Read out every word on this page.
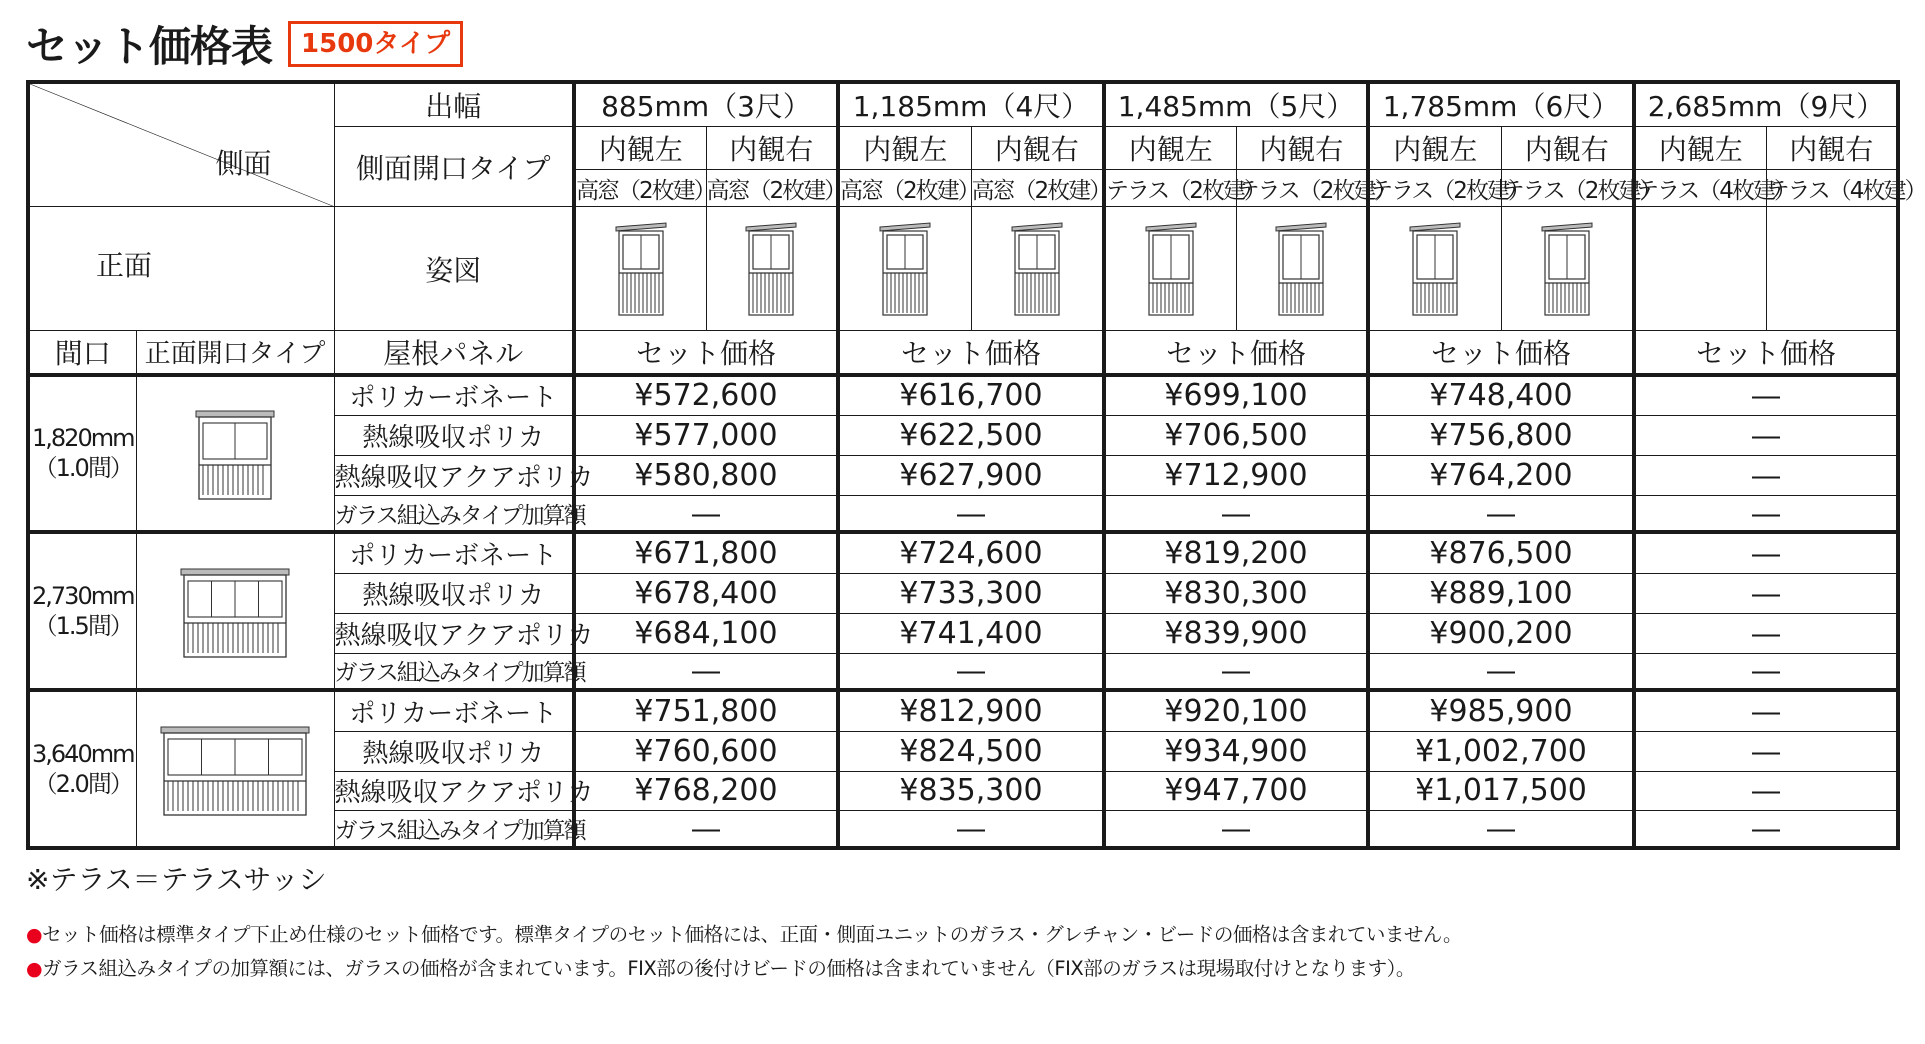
セット価格表	1500タイプ
側面
正面		出幅	885mm（3尺）		1,185mm（4尺）		1,485mm（5尺）		1,785mm（6尺）		2,685mm（9尺）	
		側面開口タイプ	内観左	内観右	内観左	内観右	内観左	内観右	内観左	内観右	内観左	内観右
			高窓（2枚建）	高窓（2枚建）	高窓（2枚建）	高窓（2枚建）	テラス（2枚建）	テラス（2枚建）	テラス（2枚建）	テラス（2枚建）	テラス（4枚建）	テラス（4枚建）
		姿図	

間口	正面開口タイプ	屋根パネル	セット価格		セット価格		セット価格		セット価格		セット価格	

1,820mm
（1.0間）		ポリカーボネート	¥572,600		¥616,700		¥699,100		¥748,400		―	
		熱線吸収ポリカ	¥577,000		¥622,500		¥706,500		¥756,800		―	
		熱線吸収アクアポリカ	¥580,800		¥627,900		¥712,900		¥764,200		―	
		ガラス組込みタイプ加算額	―		―		―		―		―	

2,730mm
（1.5間）		ポリカーボネート	¥671,800		¥724,600		¥819,200		¥876,500		―	
		熱線吸収ポリカ	¥678,400		¥733,300		¥830,300		¥889,100		―	
		熱線吸収アクアポリカ	¥684,100		¥741,400		¥839,900		¥900,200		―	
		ガラス組込みタイプ加算額	―		―		―		―		―	

3,640mm
（2.0間）		ポリカーボネート	¥751,800		¥812,900		¥920,100		¥985,900		―	
		熱線吸収ポリカ	¥760,600		¥824,500		¥934,900		¥1,002,700		―	
		熱線吸収アクアポリカ	¥768,200		¥835,300		¥947,700		¥1,017,500		―	
		ガラス組込みタイプ加算額	―		―		―		―		―	
※テラス＝テラスサッシ
●セット価格は標準タイプ下止め仕様のセット価格です。標準タイプのセット価格には、正面・側面ユニットのガラス・グレチャン・ビードの価格は含まれていません。
●ガラス組込みタイプの加算額には、ガラスの価格が含まれています。FIX部の後付けビードの価格は含まれていません（FIX部のガラスは現場取付けとなります）。
